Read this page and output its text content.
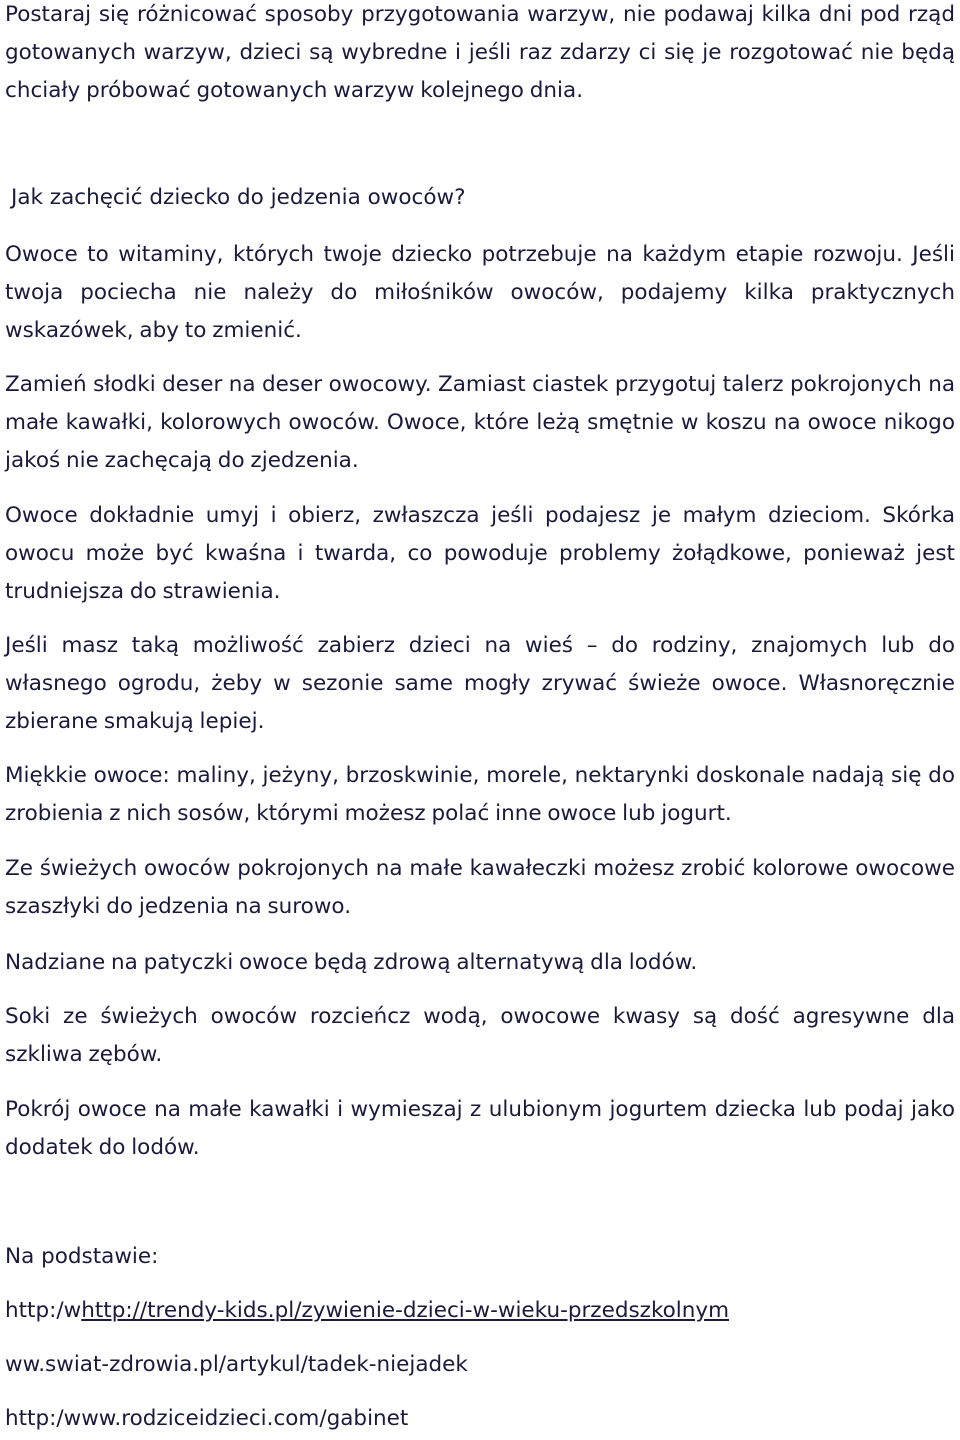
Postaraj się różnicować sposoby przygotowania warzyw, nie podawaj kilka dni pod rząd gotowanych warzyw, dzieci są wybredne i jeśli raz zdarzy ci się je rozgotować nie będą chciały próbować gotowanych warzyw kolejnego dnia.

Jak zachęcić dziecko do jedzenia owoców?

Owoce to witaminy, których twoje dziecko potrzebuje na każdym etapie rozwoju. Jeśli twoja pociecha nie należy do miłośników owoców, podajemy kilka praktycznych wskazówek, aby to zmienić.

Zamień słodki deser na deser owocowy. Zamiast ciastek przygotuj talerz pokrojonych na małe kawałki, kolorowych owoców. Owoce, które leżą smętnie w koszu na owoce nikogo jakoś nie zachęcają do zjedzenia.

Owoce dokładnie umyj i obierz, zwłaszcza jeśli podajesz je małym dzieciom. Skórka owocu może być kwaśna i twarda, co powoduje problemy żołądkowe, ponieważ jest trudniejsza do strawienia.

Jeśli masz taką możliwość zabierz dzieci na wieś – do rodziny, znajomych lub do własnego ogrodu, żeby w sezonie same mogły zrywać świeże owoce. Własnoręcznie zbierane smakują lepiej.

Miękkie owoce: maliny, jeżyny, brzoskwinie, morele, nektarynki doskonale nadają się do zrobienia z nich sosów, którymi możesz polać inne owoce lub jogurt.

Ze świeżych owoców pokrojonych na małe kawałeczki możesz zrobić kolorowe owocowe szaszłyki do jedzenia na surowo.

Nadziane na patyczki owoce będą zdrową alternatywą dla lodów.

Soki ze świeżych owoców rozcieńcz wodą, owocowe kwasy są dość agresywne dla szkliwa zębów.

Pokrój owoce na małe kawałki i wymieszaj z ulubionym jogurtem dziecka lub podaj jako dodatek do lodów.

Na podstawie:

http:/whttp://trendy-kids.pl/zywienie-dzieci-w-wieku-przedszkolnym

ww.swiat-zdrowia.pl/artykul/tadek-niejadek

http:/www.rodziceidzieci.com/gabinet
